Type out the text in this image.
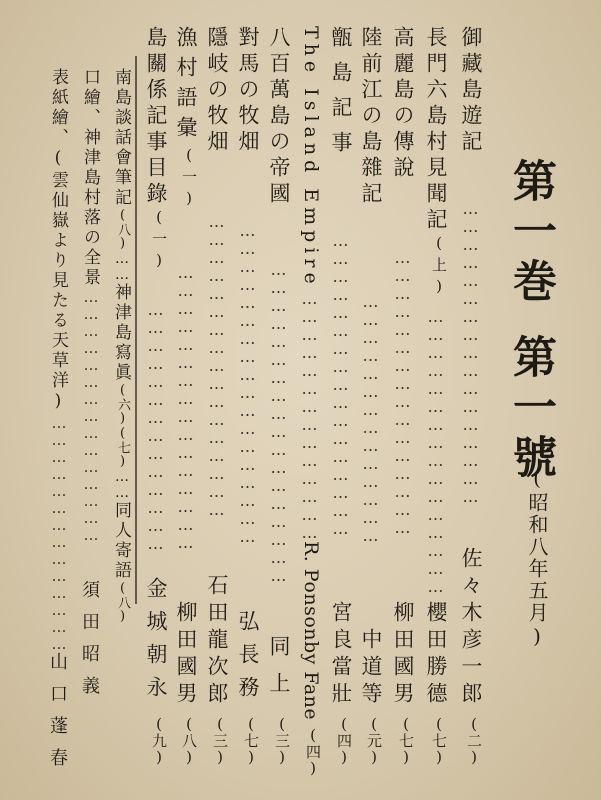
第一巻第一號
(昭和八年五月)
御藏島遊記
……………………………………………
佐々木彦一郎
(二)
長門六島村見聞記
(上)
…………………………………………
櫻田勝德
(七)
高麗島の傳說
…………………………………………
柳田國男
(七)
陸前江の島雜記
……………………………………
中道等
(元)
甑島記事
……………………………………………
宮良當壯
(四)
The Island Empire
……………………………………
R. Ponsonby Fane
(四)
八百萬島の帝國
………………………………………………
同上
(三)
對馬の牧畑
………………………………………………
弘長務
(七)
隱岐の牧畑
……………………………………………
石田龍次郎
(三)
漁村語彙
(一)
…………………………………………
柳田國男
(八)
島關係記事目錄
(一)
……………………………………
金城朝永
(九)
南島談話會筆記
(八)
……
神津島寫眞
(六)(七)
……
同人寄語
(八)
口繪、神津島村落の全景
………………………………………
須田昭義
表紙繪、(雲仙嶽より見たる天草洋)
……………………………………
山口蓬春
